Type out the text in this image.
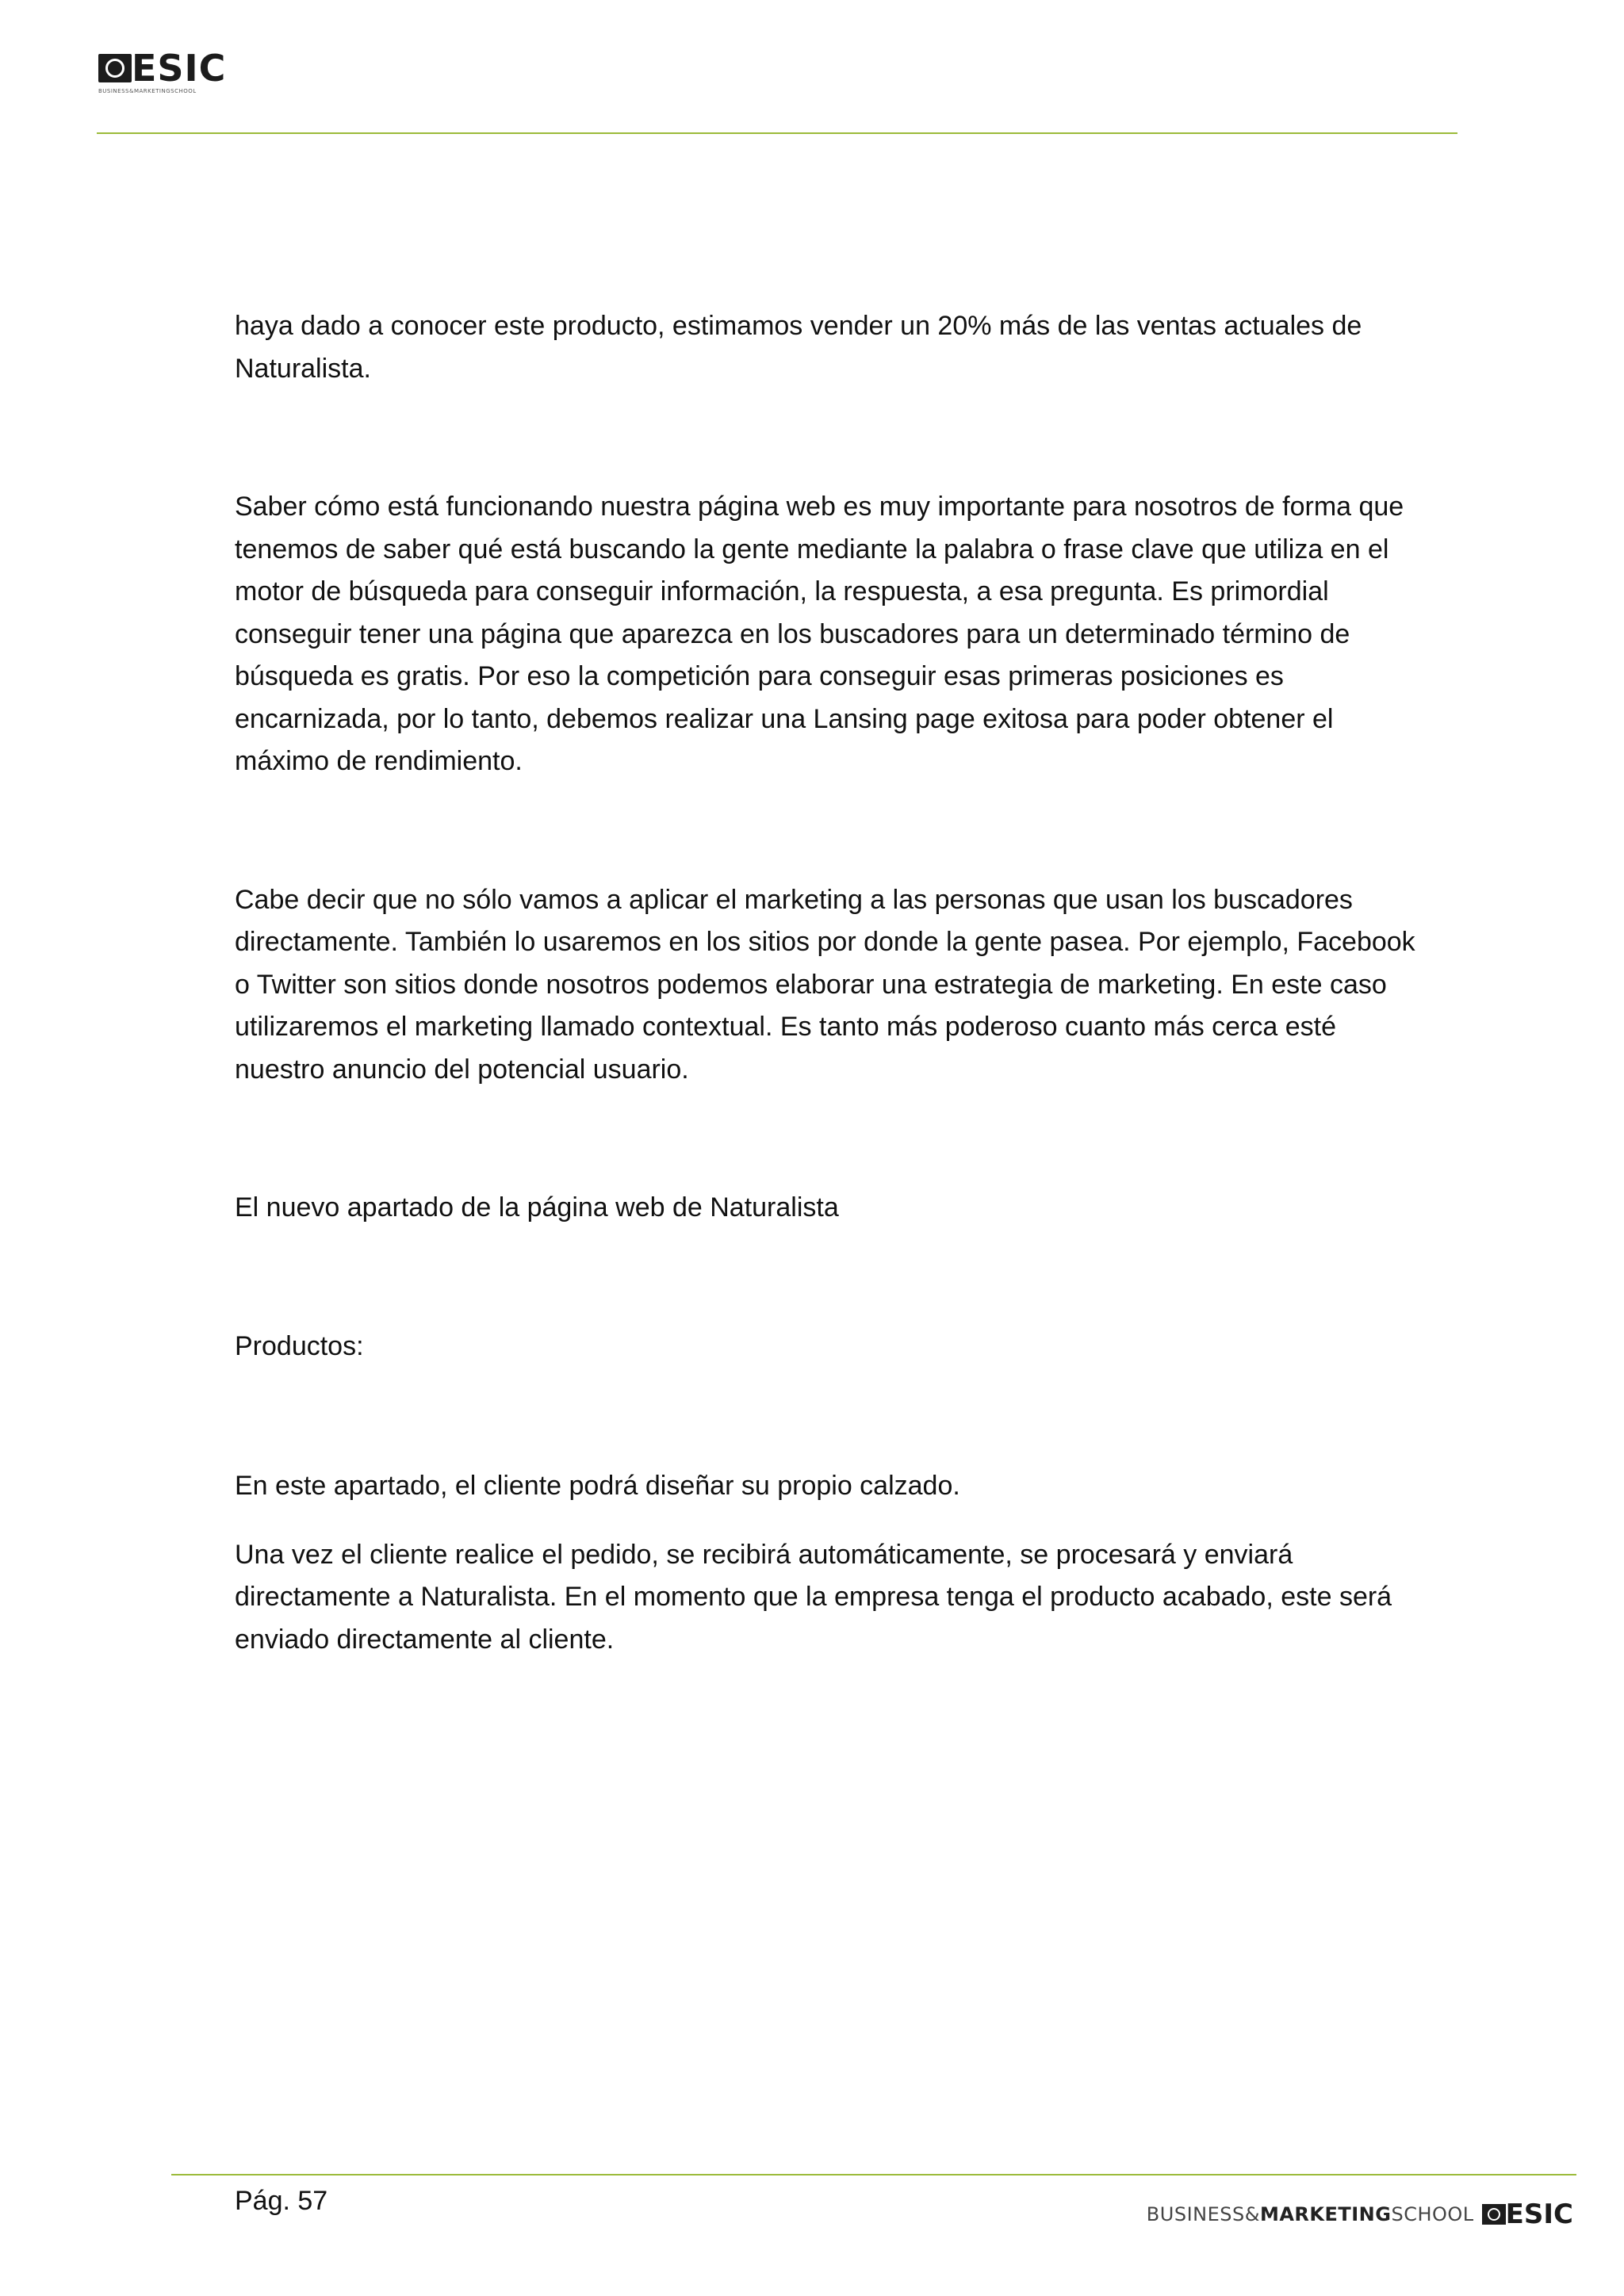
ESIC
BUSINESS&MARKETINGSCHOOL

haya dado a conocer este producto, estimamos vender un 20% más de las ventas actuales de Naturalista.

Saber cómo está funcionando nuestra página web es muy importante para nosotros de forma que tenemos de saber qué está buscando la gente mediante la palabra o frase clave que utiliza en el motor de búsqueda para conseguir información, la respuesta, a esa pregunta. Es primordial conseguir tener una página que aparezca en los buscadores para un determinado término de búsqueda es gratis. Por eso la competición para conseguir esas primeras posiciones es encarnizada, por lo tanto, debemos realizar una Lansing page exitosa para poder obtener el máximo de rendimiento.

Cabe decir que no sólo vamos a aplicar el marketing a las personas que usan los buscadores directamente. También lo usaremos en los sitios por donde la gente pasea. Por ejemplo, Facebook o Twitter son sitios donde nosotros podemos elaborar una estrategia de marketing. En este caso utilizaremos el marketing llamado contextual. Es tanto más poderoso cuanto más cerca esté nuestro anuncio del potencial usuario.

El nuevo apartado de la página web de Naturalista

Productos:

En este apartado, el cliente podrá diseñar su propio calzado.

Una vez el cliente realice el pedido, se recibirá automáticamente, se procesará y enviará directamente a Naturalista. En el momento que la empresa tenga el producto acabado, este será enviado directamente al cliente.

Pág. 57	BUSINESS&MARKETINGSCHOOL ESIC
